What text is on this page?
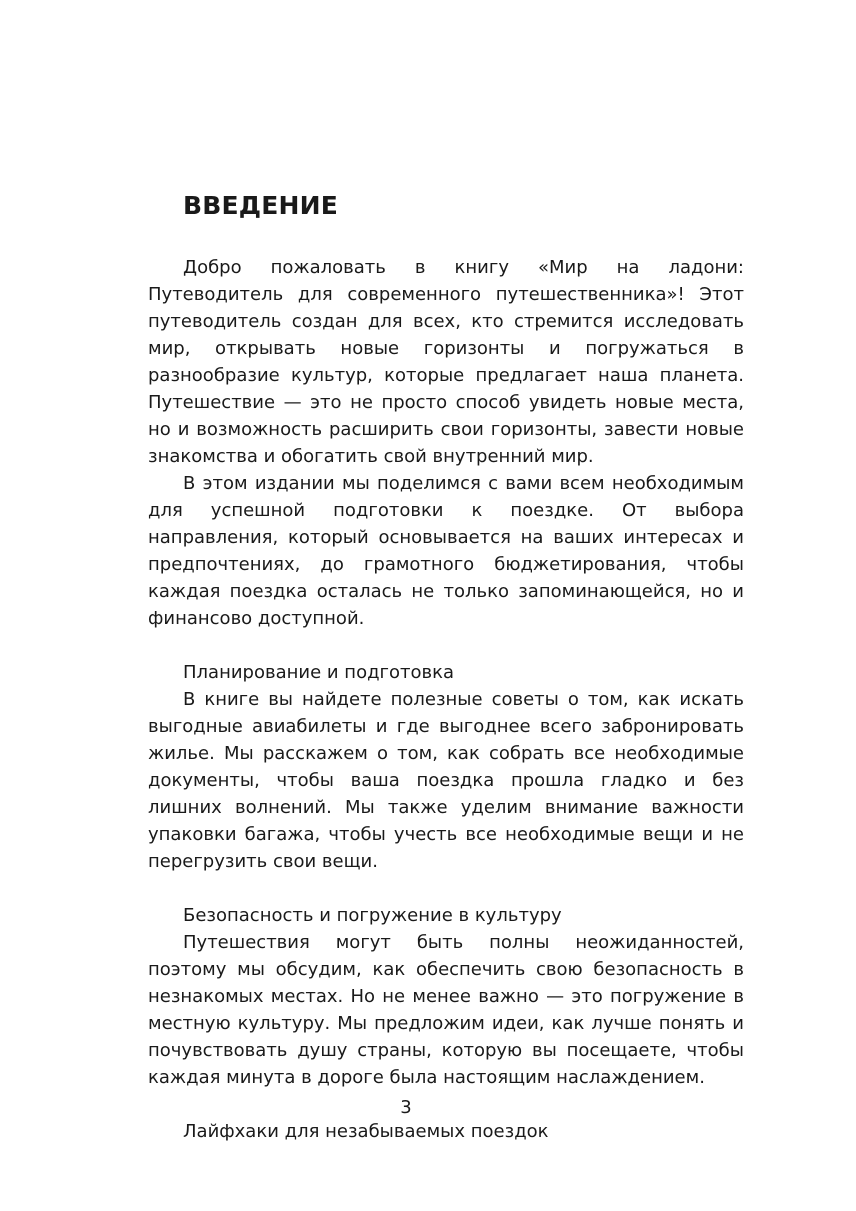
ВВЕДЕНИЕ

Добро пожаловать в книгу «Мир на ладони: Путеводитель для современного путешественника»! Этот путеводитель создан для всех, кто стремится исследовать мир, открывать новые горизонты и погружаться в разнообразие культур, которые предлагает наша планета. Путешествие — это не просто способ увидеть новые места, но и возможность расширить свои горизонты, завести новые знакомства и обогатить свой внутренний мир.

В этом издании мы поделимся с вами всем необходимым для успешной подготовки к поездке. От выбора направления, который основывается на ваших интересах и предпочтениях, до грамотного бюджетирования, чтобы каждая поездка осталась не только запоминающейся, но и финансово доступной.

Планирование и подготовка

В книге вы найдете полезные советы о том, как искать выгодные авиабилеты и где выгоднее всего забронировать жилье. Мы расскажем о том, как собрать все необходимые документы, чтобы ваша поездка прошла гладко и без лишних волнений. Мы также уделим внимание важности упаковки багажа, чтобы учесть все необходимые вещи и не перегрузить свои вещи.

Безопасность и погружение в культуру

Путешествия могут быть полны неожиданностей, поэтому мы обсудим, как обеспечить свою безопасность в незнакомых местах. Но не менее важно — это погружение в местную культуру. Мы предложим идеи, как лучше понять и почувствовать душу страны, которую вы посещаете, чтобы каждая минута в дороге была настоящим наслаждением.

Лайфхаки для незабываемых поездок

3
